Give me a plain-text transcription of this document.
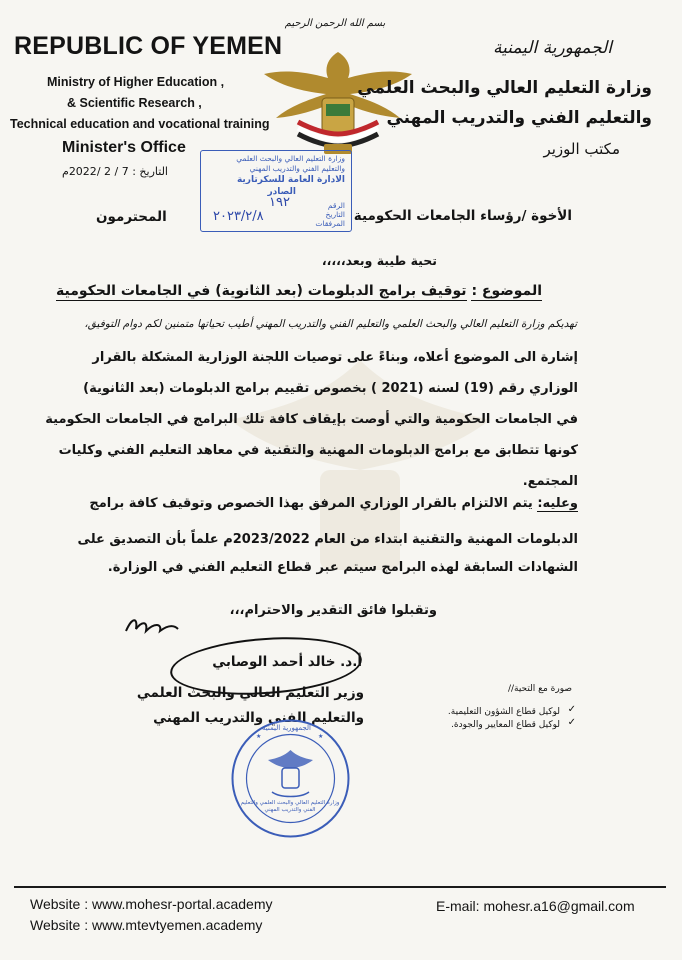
REPUBLIC OF YEMEN
Ministry of Higher Education ,
& Scientific Research ,
Technical education and vocational training
Minister's Office
بسم الله الرحمن الرحيم
الجمهورية اليمنية
وزارة التعليم العالي والبحث العلمي
والتعليم الفني والتدريب المهني
مكتب الوزير
التاريخ : 7 / 2 /2022م
وزارة التعليم العالي والبحث العلمي
والتعليم الفني والتدريب المهني
الادارة العامة للسكرتارية
الصادر
الرقم
التاريخ
المرفقات
١٩٢
٢٠٢٣/٢/٨	الأخوة /رؤساء الجامعات الحكومية
المحترمون
تحية طيبة وبعد،،،،،
الموضوع : توقيف برامج الدبلومات (بعد الثانوية) في الجامعات الحكومية
تهديكم وزارة التعليم العالي والبحث العلمي والتعليم الفني والتدريب المهني أطيب تحياتها متمنين لكم دوام التوفيق،
إشارة الى الموضوع أعلاه، وبناءً على توصيات اللجنة الوزارية المشكلة بالقرار
الوزاري رقم (19) لسنه (2021 ) بخصوص تقييم برامج الدبلومات (بعد الثانوية)
في الجامعات الحكومية والتي أوصت بإيقاف كافة تلك البرامج في الجامعات الحكومية
كونها تتطابق مع برامج الدبلومات المهنية والتقنية في معاهد التعليم الفني وكليات
المجتمع.
وعليه: يتم الالتزام بالقرار الوزاري المرفق بهذا الخصوص وتوقيف كافة برامج
الدبلومات المهنية والتقنية ابتداء من العام 2023/2022م علماً بأن التصديق على
الشهادات السابقة لهذه البرامج سيتم عبر قطاع التعليم الفني في الوزارة.
وتقبلوا فائق التقدير والاحترام،،،
أ.د. خالد أحمد الوصابي
وزير التعليم العالي والبحث العلمي
والتعليم الفني والتدريب المهني
صورة مع التحية//
لوكيل قطاع الشؤون التعليمية.
لوكيل قطاع المعايير والجودة.
✓
✓
★
★
الجمهورية اليمنية
وزارة التعليم العالي والبحث العلمي والتعليم الفني والتدريب المهني
Website : www.mohesr-portal.academy
Website : www.mtevtyemen.academy
E-mail: mohesr.a16@gmail.com
